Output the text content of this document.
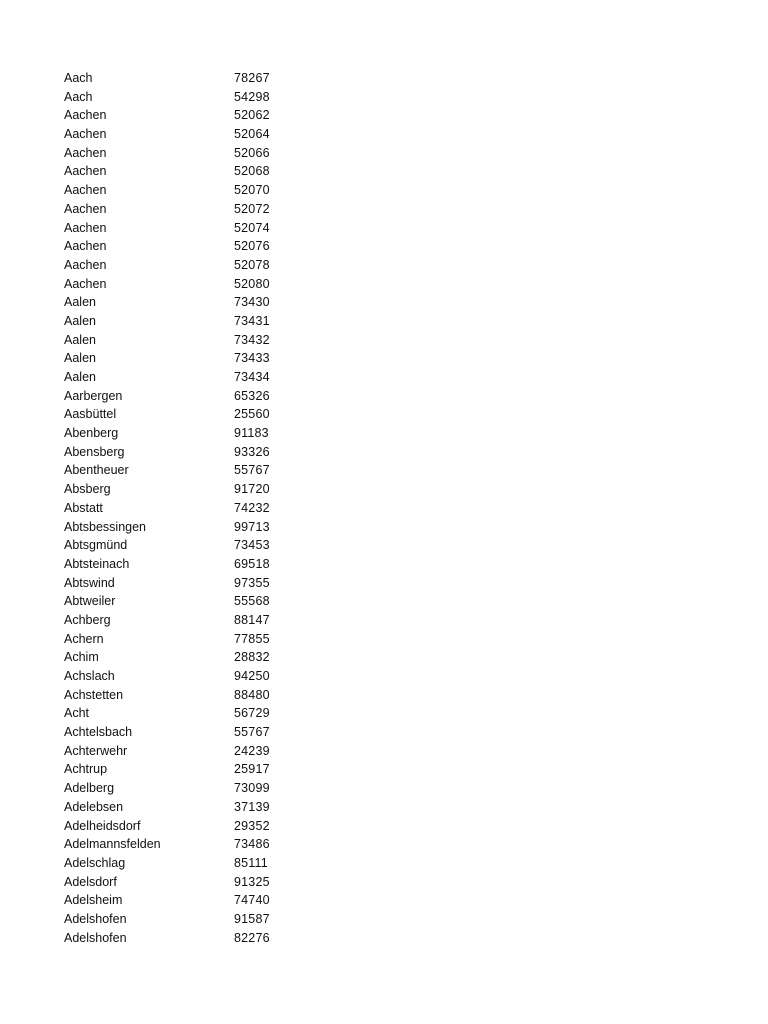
Aach	78267
Aach	54298
Aachen	52062
Aachen	52064
Aachen	52066
Aachen	52068
Aachen	52070
Aachen	52072
Aachen	52074
Aachen	52076
Aachen	52078
Aachen	52080
Aalen	73430
Aalen	73431
Aalen	73432
Aalen	73433
Aalen	73434
Aarbergen	65326
Aasbüttel	25560
Abenberg	91183
Abensberg	93326
Abentheuer	55767
Absberg	91720
Abstatt	74232
Abtsbessingen	99713
Abtsgmünd	73453
Abtsteinach	69518
Abtswind	97355
Abtweiler	55568
Achberg	88147
Achern	77855
Achim	28832
Achslach	94250
Achstetten	88480
Acht	56729
Achtelsbach	55767
Achterwehr	24239
Achtrup	25917
Adelberg	73099
Adelebsen	37139
Adelheidsdorf	29352
Adelmannsfelden	73486
Adelschlag	85111
Adelsdorf	91325
Adelsheim	74740
Adelshofen	91587
Adelshofen	82276
